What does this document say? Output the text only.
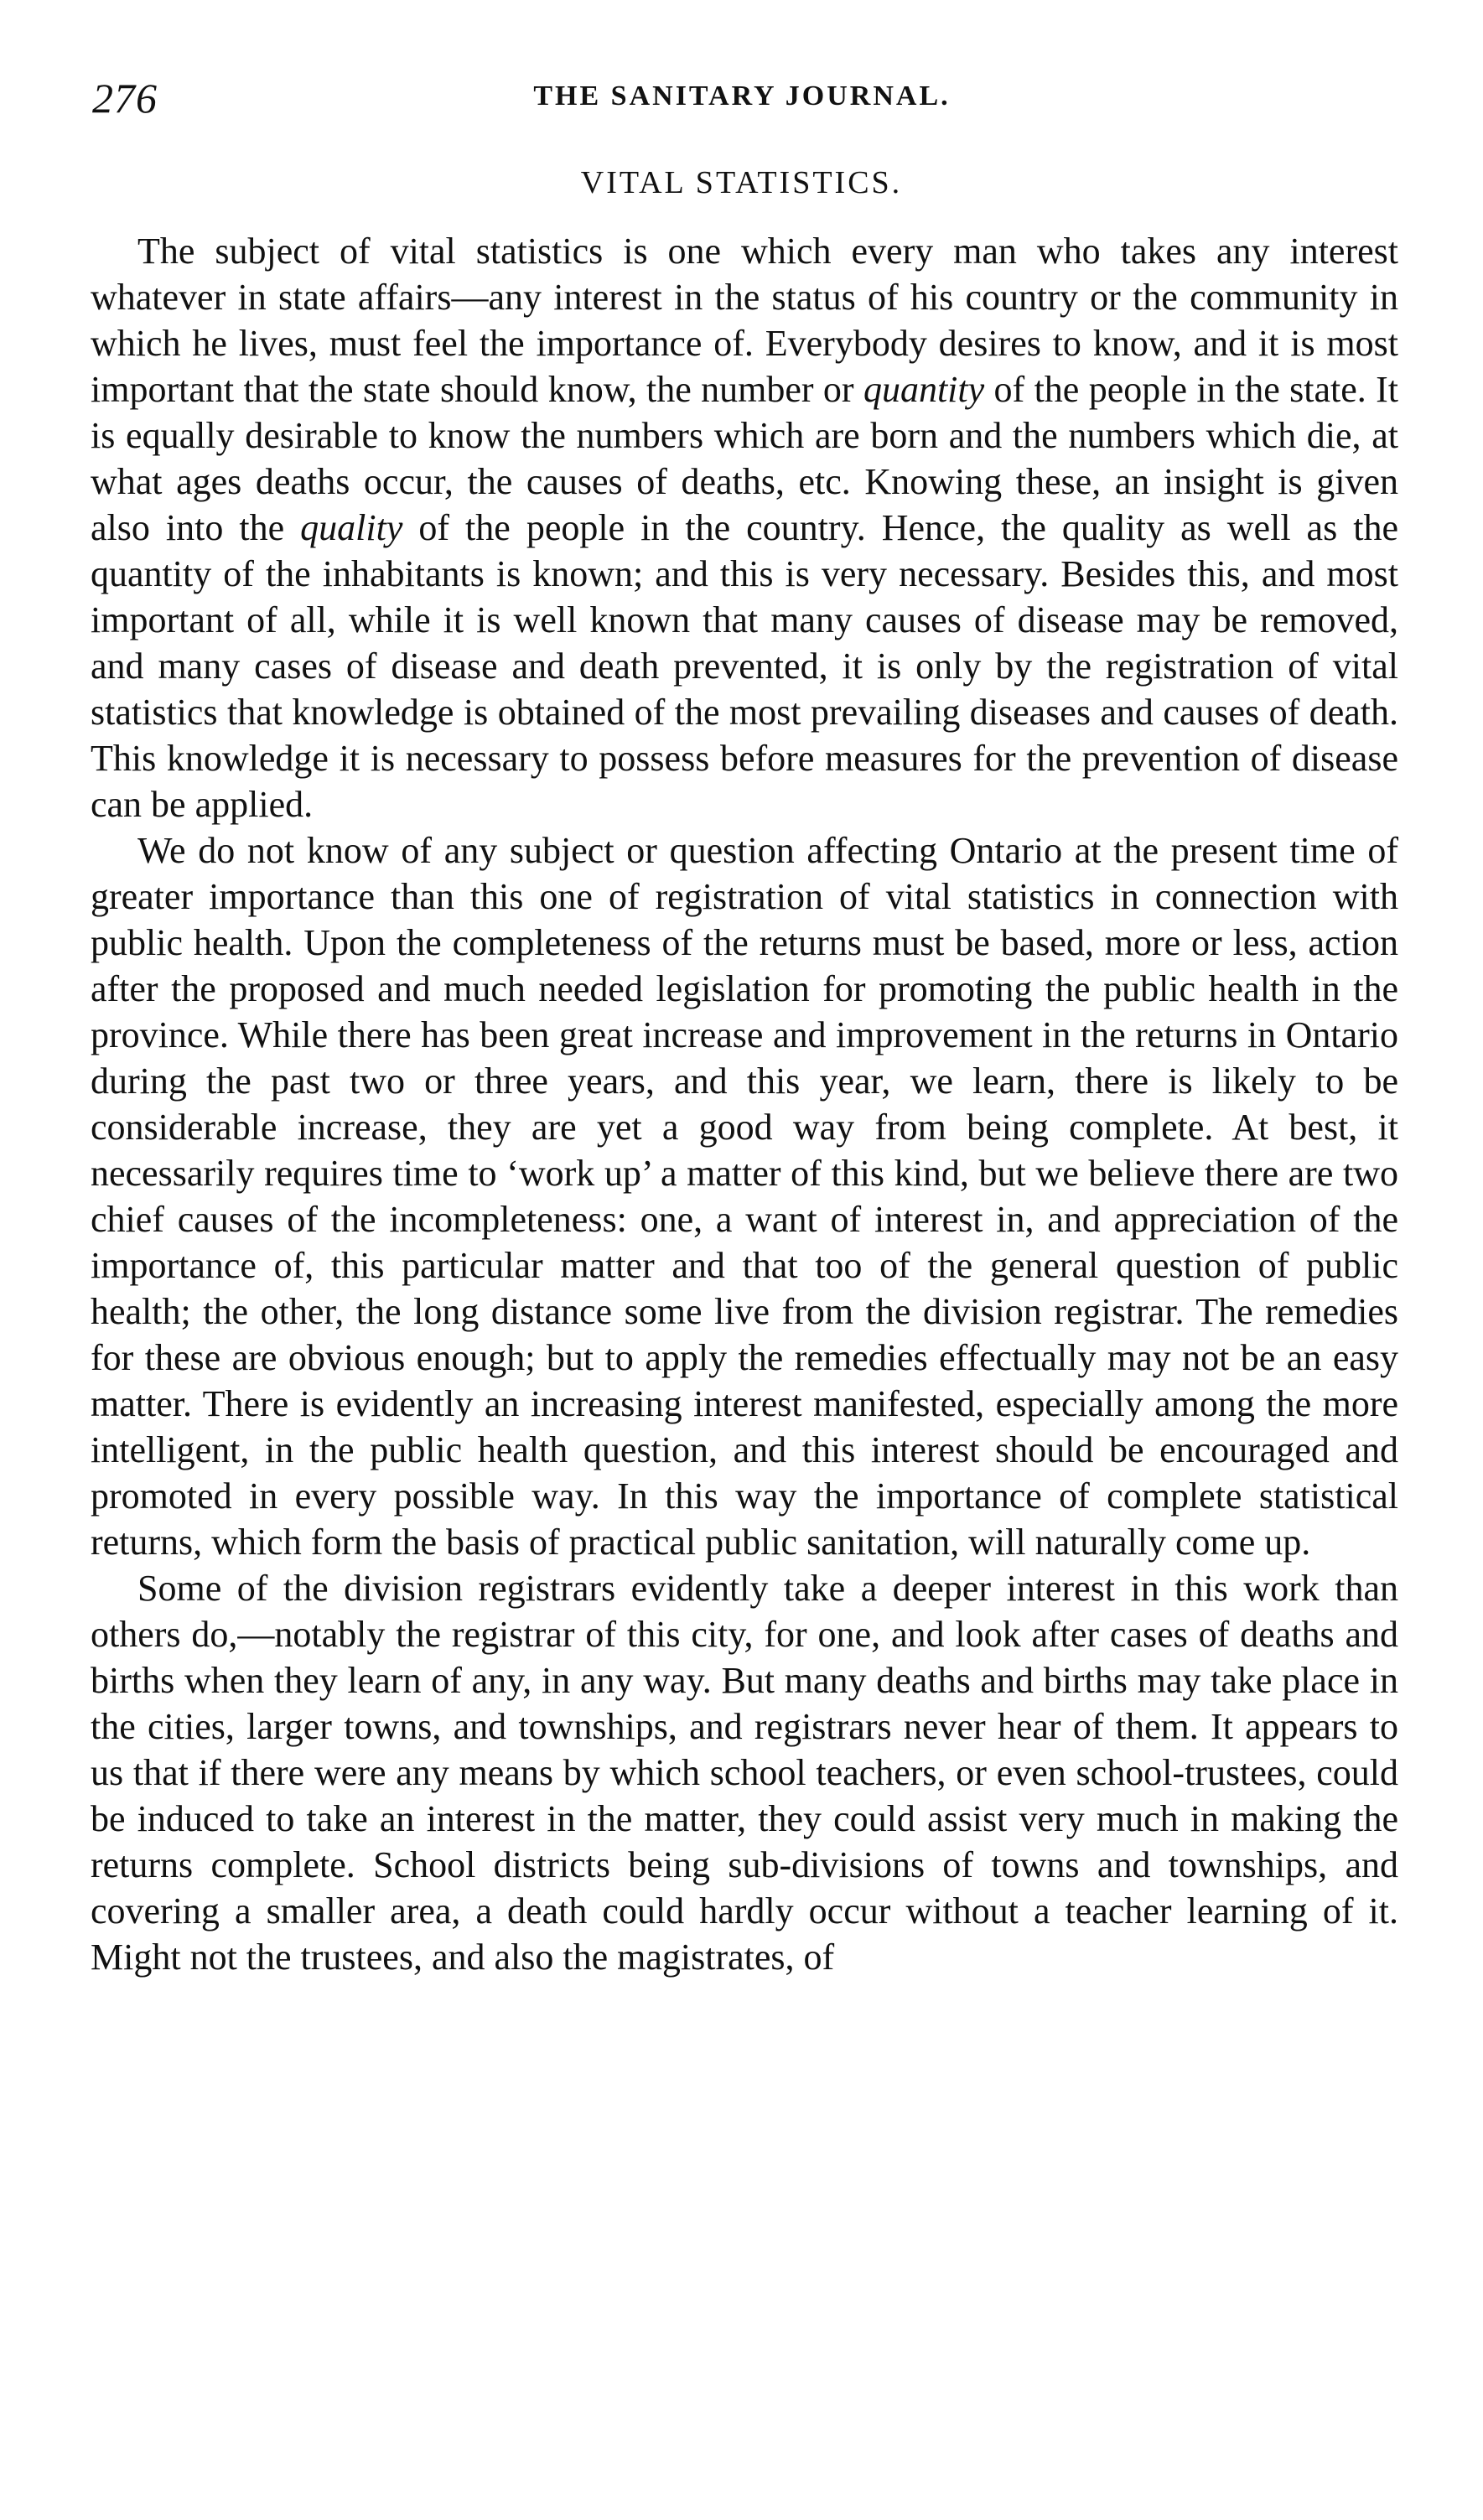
276	THE SANITARY JOURNAL.
VITAL STATISTICS.

The subject of vital statistics is one which every man who takes any interest whatever in state affairs—any interest in the status of his country or the community in which he lives, must feel the importance of. Everybody desires to know, and it is most important that the state should know, the number or quantity of the people in the state. It is equally desirable to know the numbers which are born and the numbers which die, at what ages deaths occur, the causes of deaths, etc. Knowing these, an insight is given also into the quality of the people in the country. Hence, the quality as well as the quantity of the inhabitants is known; and this is very necessary. Besides this, and most important of all, while it is well known that many causes of disease may be removed, and many cases of disease and death prevented, it is only by the registration of vital statistics that knowledge is obtained of the most prevailing diseases and causes of death. This knowledge it is necessary to possess before measures for the prevention of disease can be applied.

We do not know of any subject or question affecting Ontario at the present time of greater importance than this one of registration of vital statistics in connection with public health. Upon the completeness of the returns must be based, more or less, action after the proposed and much needed legislation for promoting the public health in the province. While there has been great increase and improvement in the returns in Ontario during the past two or three years, and this year, we learn, there is likely to be considerable increase, they are yet a good way from being complete. At best, it necessarily requires time to ‘work up’ a matter of this kind, but we believe there are two chief causes of the incompleteness: one, a want of interest in, and appreciation of the importance of, this particular matter and that too of the general question of public health; the other, the long distance some live from the division registrar. The remedies for these are obvious enough; but to apply the remedies effectually may not be an easy matter. There is evidently an increasing interest manifested, especially among the more intelligent, in the public health question, and this interest should be encouraged and promoted in every possible way. In this way the importance of complete statistical returns, which form the basis of practical public sanitation, will naturally come up.

Some of the division registrars evidently take a deeper interest in this work than others do,—notably the registrar of this city, for one, and look after cases of deaths and births when they learn of any, in any way. But many deaths and births may take place in the cities, larger towns, and townships, and registrars never hear of them. It appears to us that if there were any means by which school teachers, or even school-trustees, could be induced to take an interest in the matter, they could assist very much in making the returns complete. School districts being sub-divisions of towns and townships, and covering a smaller area, a death could hardly occur without a teacher learning of it. Might not the trustees, and also the magistrates, of
